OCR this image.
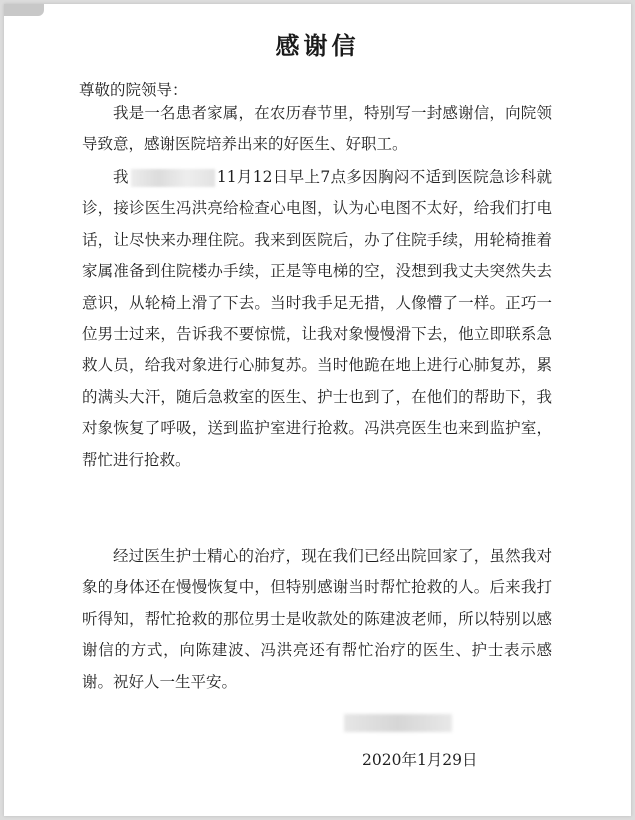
感谢信
尊敬的院领导：

我是一名患者家属，在农历春节里，特别写一封感谢信，向院领导致意，感谢医院培养出来的好医生、好职工。

我	11月12日早上7点多因胸闷不适到医院急诊科就诊，接诊医生冯洪亮给检查心电图，认为心电图不太好，给我们打电话，让尽快来办理住院。我来到医院后，办了住院手续，用轮椅推着家属准备到住院楼办手续，正是等电梯的空，没想到我丈夫突然失去意识，从轮椅上滑了下去。当时我手足无措，人像懵了一样。正巧一位男士过来，告诉我不要惊慌，让我对象慢慢滑下去，他立即联系急救人员，给我对象进行心肺复苏。当时他跪在地上进行心肺复苏，累的满头大汗，随后急救室的医生、护士也到了，在他们的帮助下，我对象恢复了呼吸，送到监护室进行抢救。冯洪亮医生也来到监护室，帮忙进行抢救。

经过医生护士精心的治疗，现在我们已经出院回家了，虽然我对象的身体还在慢慢恢复中，但特别感谢当时帮忙抢救的人。后来我打听得知，帮忙抢救的那位男士是收款处的陈建波老师，所以特别以感谢信的方式，向陈建波、冯洪亮还有帮忙治疗的医生、护士表示感谢。祝好人一生平安。

2020年1月29日
